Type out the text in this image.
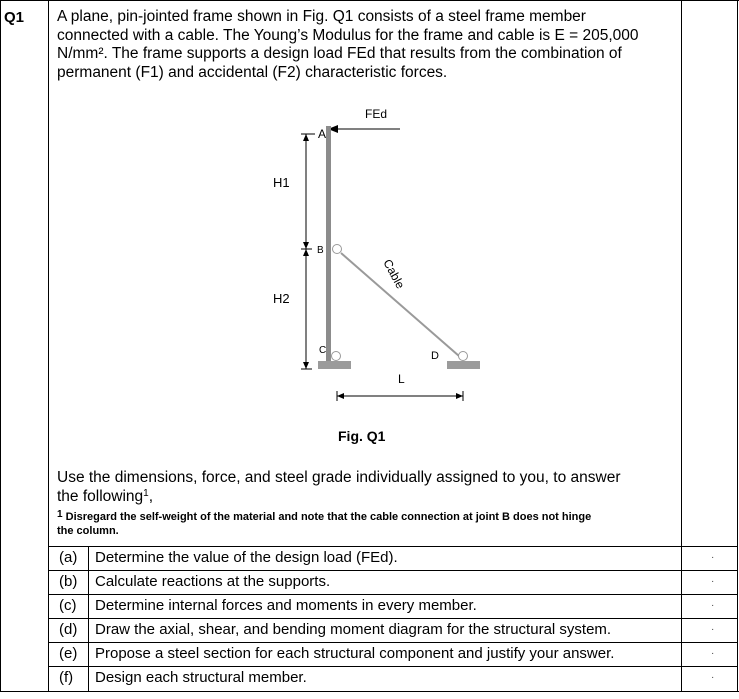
Q1 A plane, pin-jointed frame shown in Fig. Q1 consists of a steel frame member
connected with a cable. The Young’s Modulus for the frame and cable is E = 205,000
N/mm². The frame supports a design load FEd that results from the combination of
permanent (F1) and accidental (F2) characteristic forces.
FEd
A
B
C	D
H1
H2
Cable
L
Fig. Q1
Use the dimensions, force, and steel grade individually assigned to you, to answer
the following$^1$,
1 Disregard the self-weight of the material and note that the cable connection at joint B does not hinge
the column.
(a) Determine the value of the design load (FEd).
(b) Calculate reactions at the supports.
(c) Determine internal forces and moments in every member.
(d) Draw the axial, shear, and bending moment diagram for the structural system.
(e) Propose a steel section for each structural component and justify your answer.
(f) Design each structural member.
·
·
·
·
·
·
